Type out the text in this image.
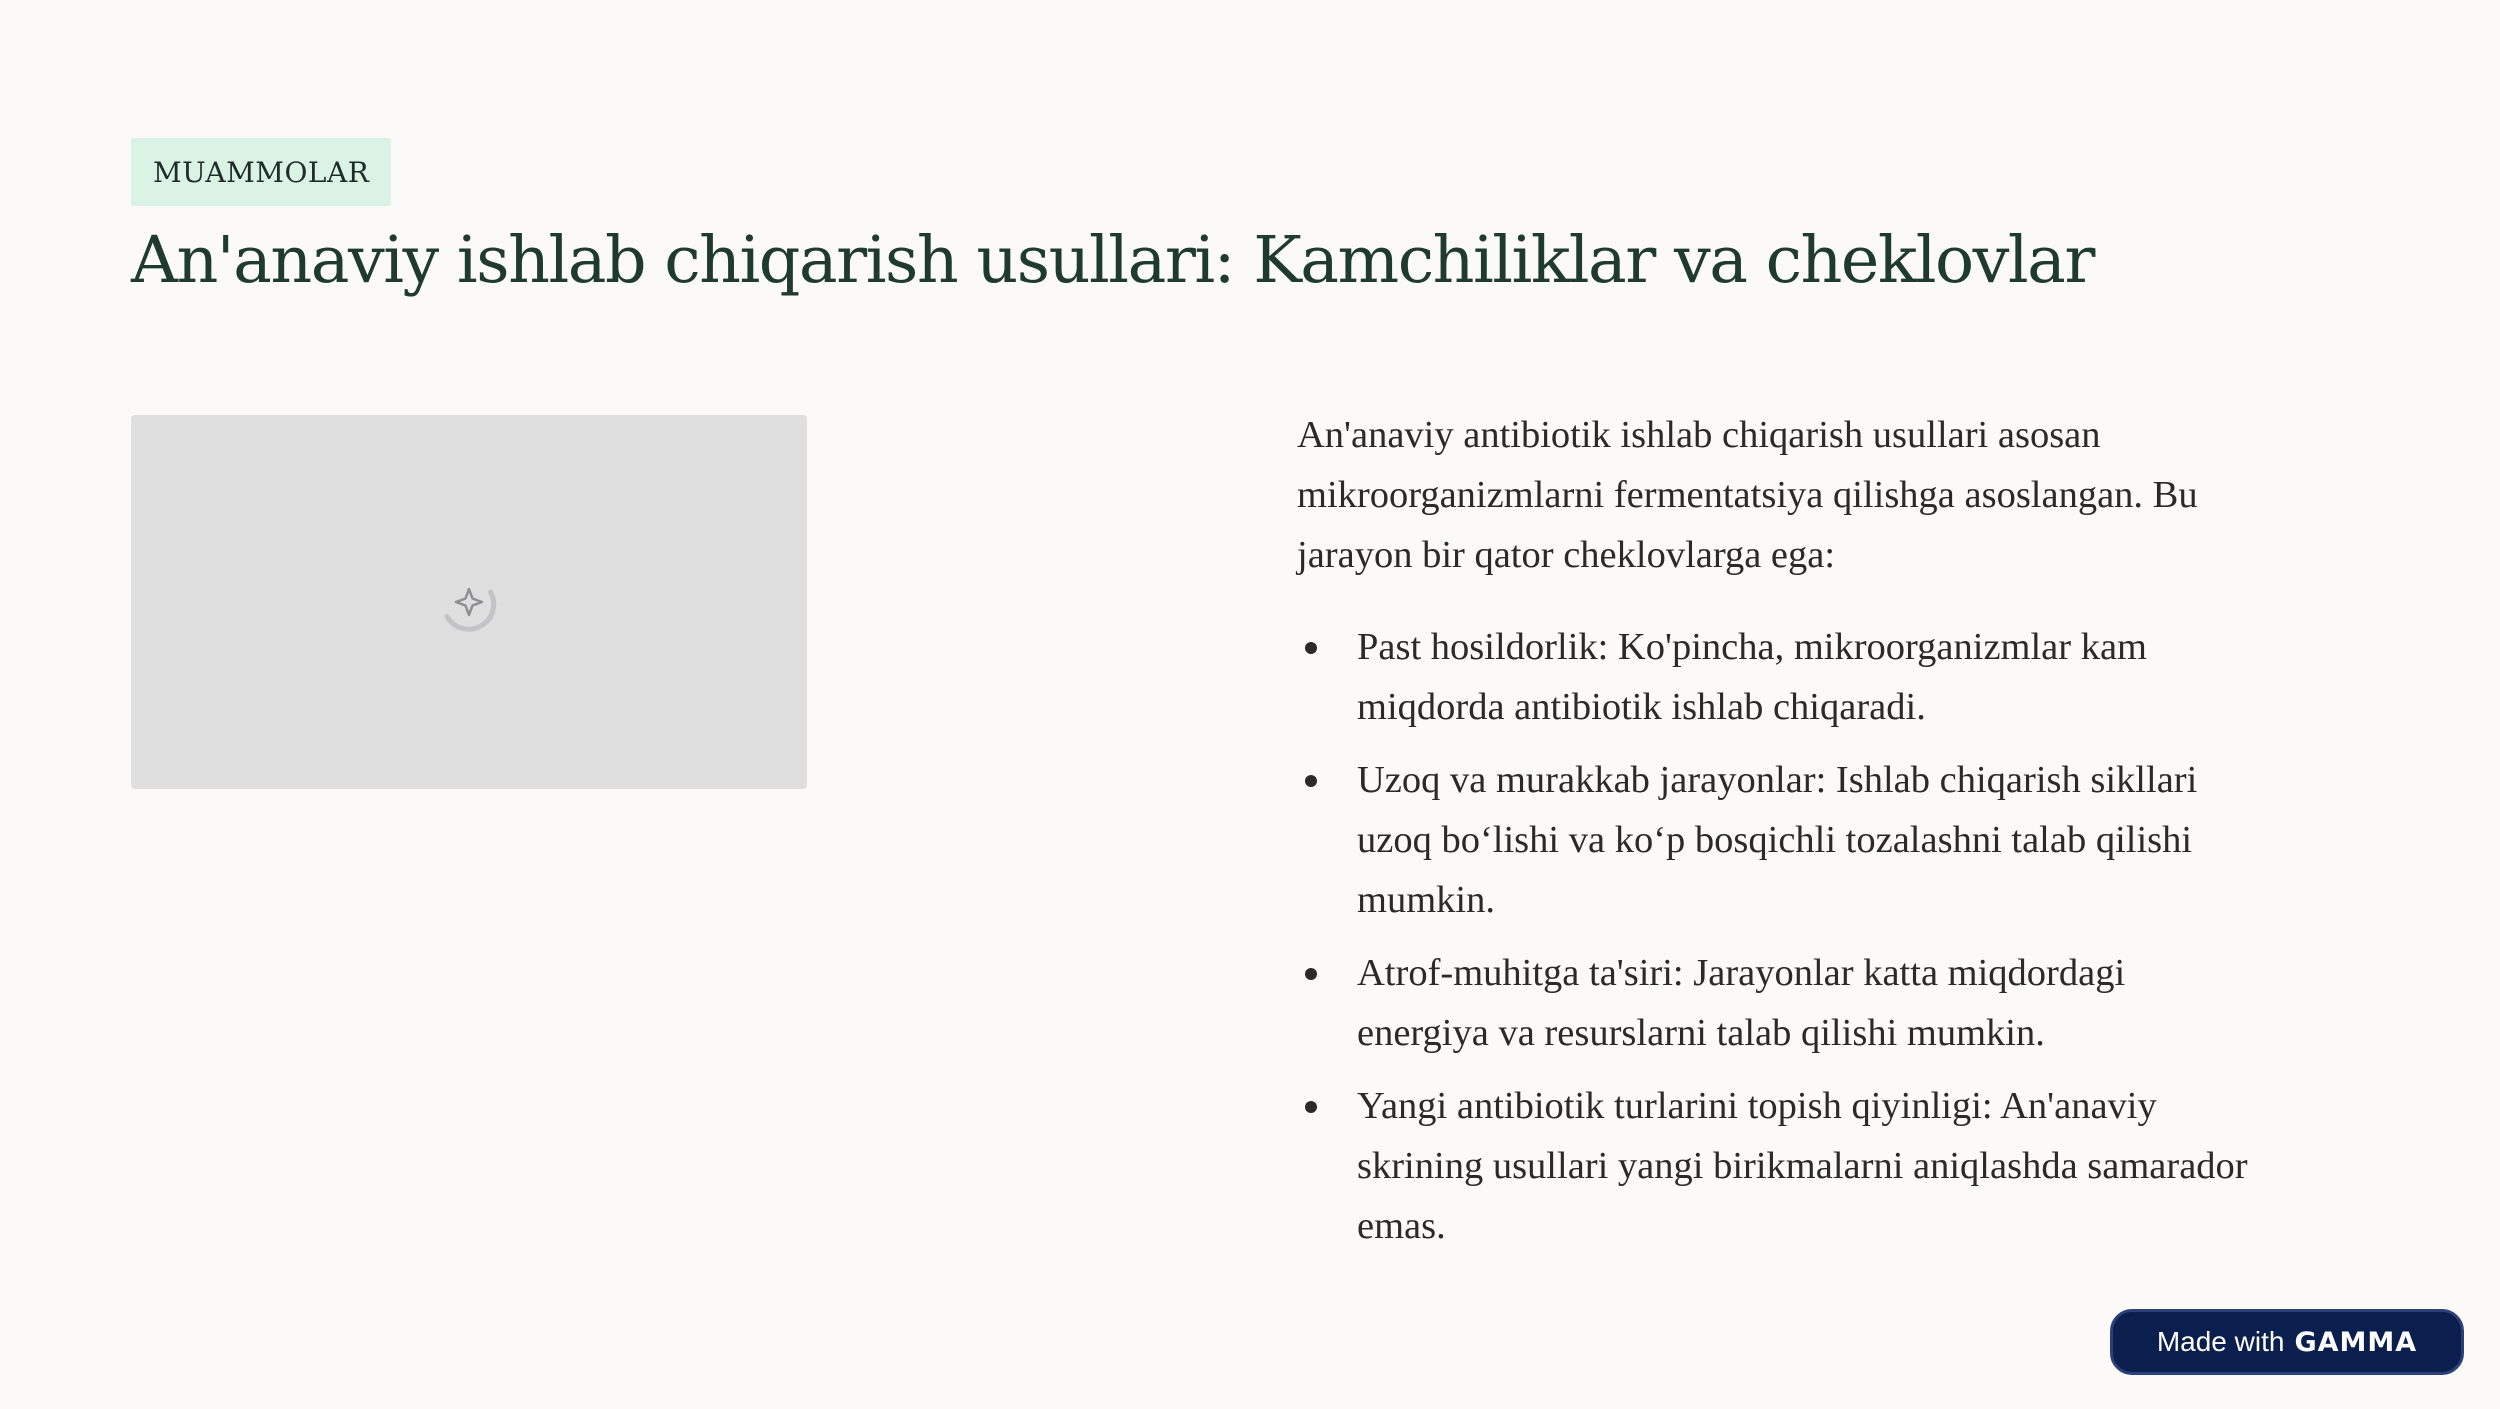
MUAMMOLAR
An'anaviy ishlab chiqarish usullari: Kamchiliklar va cheklovlar

An'anaviy antibiotik ishlab chiqarish usullari asosan
mikroorganizmlarni fermentatsiya qilishga asoslangan. Bu
jarayon bir qator cheklovlarga ega:

Past hosildorlik: Ko'pincha, mikroorganizmlar kam
miqdorda antibiotik ishlab chiqaradi.
Uzoq va murakkab jarayonlar: Ishlab chiqarish sikllari
uzoq bo‘lishi va ko‘p bosqichli tozalashni talab qilishi
mumkin.
Atrof-muhitga ta'siri: Jarayonlar katta miqdordagi
energiya va resurslarni talab qilishi mumkin.
Yangi antibiotik turlarini topish qiyinligi: An'anaviy
skrining usullari yangi birikmalarni aniqlashda samarador
emas.
Made with GAMMA
